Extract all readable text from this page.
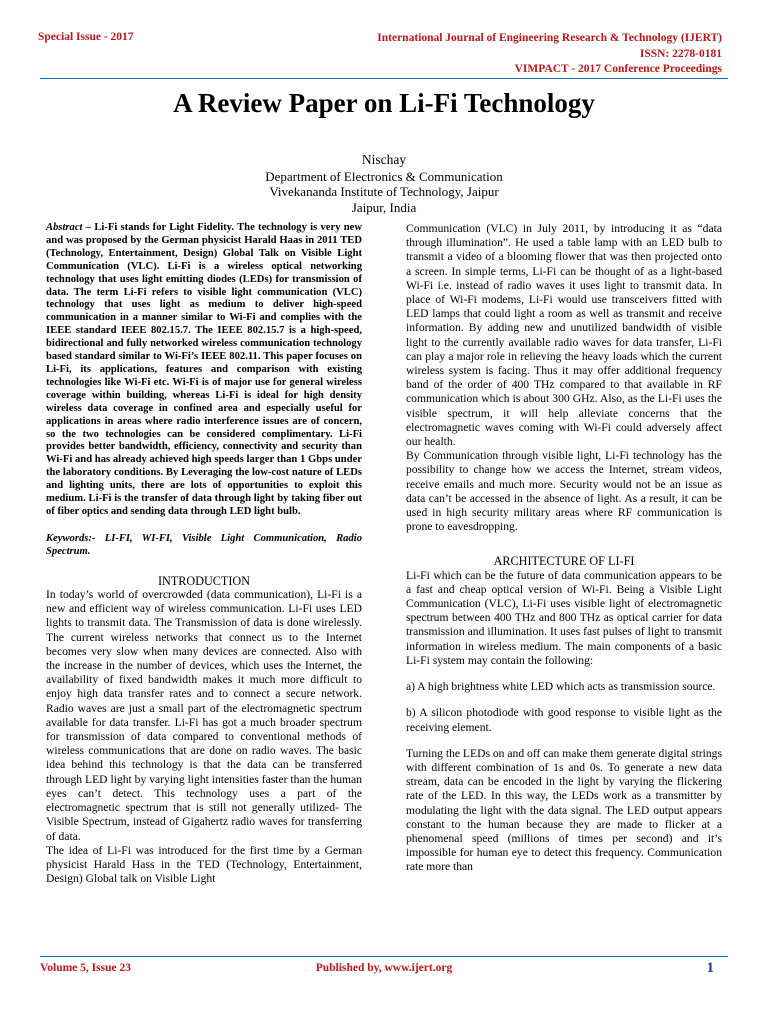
Special Issue - 2017	International Journal of Engineering Research & Technology (IJERT)
ISSN: 2278-0181
VIMPACT - 2017 Conference Proceedings
A Review Paper on Li-Fi Technology
Nischay
Department of Electronics & Communication
Vivekananda Institute of Technology, Jaipur
Jaipur, India

Abstract – Li-Fi stands for Light Fidelity. The technology is very new and was proposed by the German physicist Harald Haas in 2011 TED (Technology, Entertainment, Design) Global Talk on Visible Light Communication (VLC). Li-Fi is a wireless optical networking technology that uses light emitting diodes (LEDs) for transmission of data. The term Li-Fi refers to visible light communication (VLC) technology that uses light as medium to deliver high-speed communication in a manner similar to Wi-Fi and complies with the IEEE standard IEEE 802.15.7. The IEEE 802.15.7 is a high-speed, bidirectional and fully networked wireless communication technology based standard similar to Wi-Fi’s IEEE 802.11. This paper focuses on Li-Fi, its applications, features and comparison with existing technologies like Wi-Fi etc. Wi-Fi is of major use for general wireless coverage within building, whereas Li-Fi is ideal for high density wireless data coverage in confined area and especially useful for applications in areas where radio interference issues are of concern, so the two technologies can be considered complimentary. Li-Fi provides better bandwidth, efficiency, connectivity and security than Wi-Fi and has already achieved high speeds larger than 1 Gbps under the laboratory conditions. By Leveraging the low-cost nature of LEDs and lighting units, there are lots of opportunities to exploit this medium. Li-Fi is the transfer of data through light by taking fiber out of fiber optics and sending data through LED light bulb.

Keywords:- LI-FI, WI-FI, Visible Light Communication, Radio Spectrum.

INTRODUCTION

In today’s world of overcrowded (data communication), Li-Fi is a new and efficient way of wireless communication. Li-Fi uses LED lights to transmit data. The Transmission of data is done wirelessly. The current wireless networks that connect us to the Internet becomes very slow when many devices are connected. Also with the increase in the number of devices, which uses the Internet, the availability of fixed bandwidth makes it much more difficult to enjoy high data transfer rates and to connect a secure network. Radio waves are just a small part of the electromagnetic spectrum available for data transfer. Li-Fi has got a much broader spectrum for transmission of data compared to conventional methods of wireless communications that are done on radio waves. The basic idea behind this technology is that the data can be transferred through LED light by varying light intensities faster than the human eyes can’t detect. This technology uses a part of the electromagnetic spectrum that is still not generally utilized- The Visible Spectrum, instead of Gigahertz radio waves for transferring of data.

The idea of Li-Fi was introduced for the first time by a German physicist Harald Hass in the TED (Technology, Entertainment, Design) Global talk on Visible Light

Communication (VLC) in July 2011, by introducing it as “data through illumination”. He used a table lamp with an LED bulb to transmit a video of a blooming flower that was then projected onto a screen. In simple terms, Li-Fi can be thought of as a light-based Wi-Fi i.e. instead of radio waves it uses light to transmit data. In place of Wi-Fi modems, Li-Fi would use transceivers fitted with LED lamps that could light a room as well as transmit and receive information. By adding new and unutilized bandwidth of visible light to the currently available radio waves for data transfer, Li-Fi can play a major role in relieving the heavy loads which the current wireless system is facing. Thus it may offer additional frequency band of the order of 400 THz compared to that available in RF communication which is about 300 GHz. Also, as the Li-Fi uses the visible spectrum, it will help alleviate concerns that the electromagnetic waves coming with Wi-Fi could adversely affect our health.

By Communication through visible light, Li-Fi technology has the possibility to change how we access the Internet, stream videos, receive emails and much more. Security would not be an issue as data can’t be accessed in the absence of light. As a result, it can be used in high security military areas where RF communication is prone to eavesdropping.

ARCHITECTURE OF LI-FI

Li-Fi which can be the future of data communication appears to be a fast and cheap optical version of Wi-Fi. Being a Visible Light Communication (VLC), Li-Fi uses visible light of electromagnetic spectrum between 400 THz and 800 THz as optical carrier for data transmission and illumination. It uses fast pulses of light to transmit information in wireless medium. The main components of a basic Li-Fi system may contain the following:

a) A high brightness white LED which acts as transmission source.

b) A silicon photodiode with good response to visible light as the receiving element.

Turning the LEDs on and off can make them generate digital strings with different combination of 1s and 0s. To generate a new data stream, data can be encoded in the light by varying the flickering rate of the LED. In this way, the LEDs work as a transmitter by modulating the light with the data signal. The LED output appears constant to the human because they are made to flicker at a phenomenal speed (millions of times per second) and it’s impossible for human eye to detect this frequency. Communication rate more than

Volume 5, Issue 23	Published by, www.ijert.org	1
